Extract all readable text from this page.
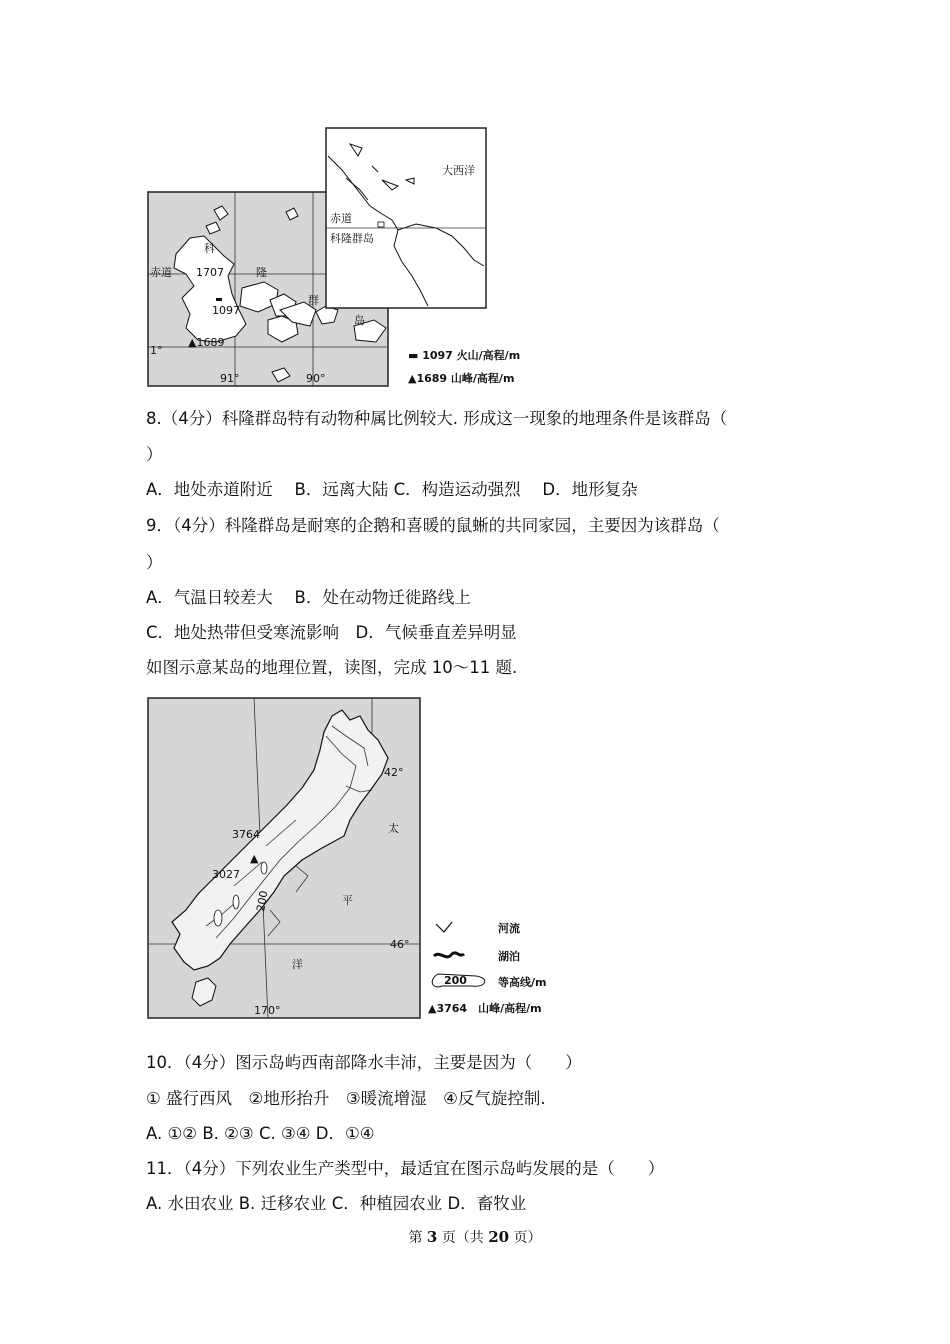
科
隆
群
岛
赤道 1707
1097
▲1689
1°
91°	90°
大西洋
赤道
科隆群岛
▬ 1097 火山/高程/m
▲1689 山峰/高程/m
8.（4分）科隆群岛特有动物种属比例较大. 形成这一现象的地理条件是该群岛（
）
A．地处赤道附近　 B．远离大陆 C．构造运动强烈　 D．地形复杂
9．（4分）科隆群岛是耐寒的企鹅和喜暖的鼠蜥的共同家园，主要因为该群岛（
）
A．气温日较差大　 B．处在动物迁徙路线上
C．地处热带但受寒流影响　D．气候垂直差异明显
如图示意某岛的地理位置，读图，完成 10～11 题.
42°
46°
170°
3764
3027
▲
200
太
平
洋
河流
湖泊
200	等高线/m
▲3764　山峰/高程/m
10．（4分）图示岛屿西南部降水丰沛，主要是因为（　　）
① 盛行西风　②地形抬升　③暖流增湿　④反气旋控制.
A. ①② B. ②③ C. ③④ D．①④
11．（4分）下列农业生产类型中，最适宜在图示岛屿发展的是（　　）
A. 水田农业 B. 迁移农业 C．种植园农业 D．畜牧业
第 3 页（共 20 页）
